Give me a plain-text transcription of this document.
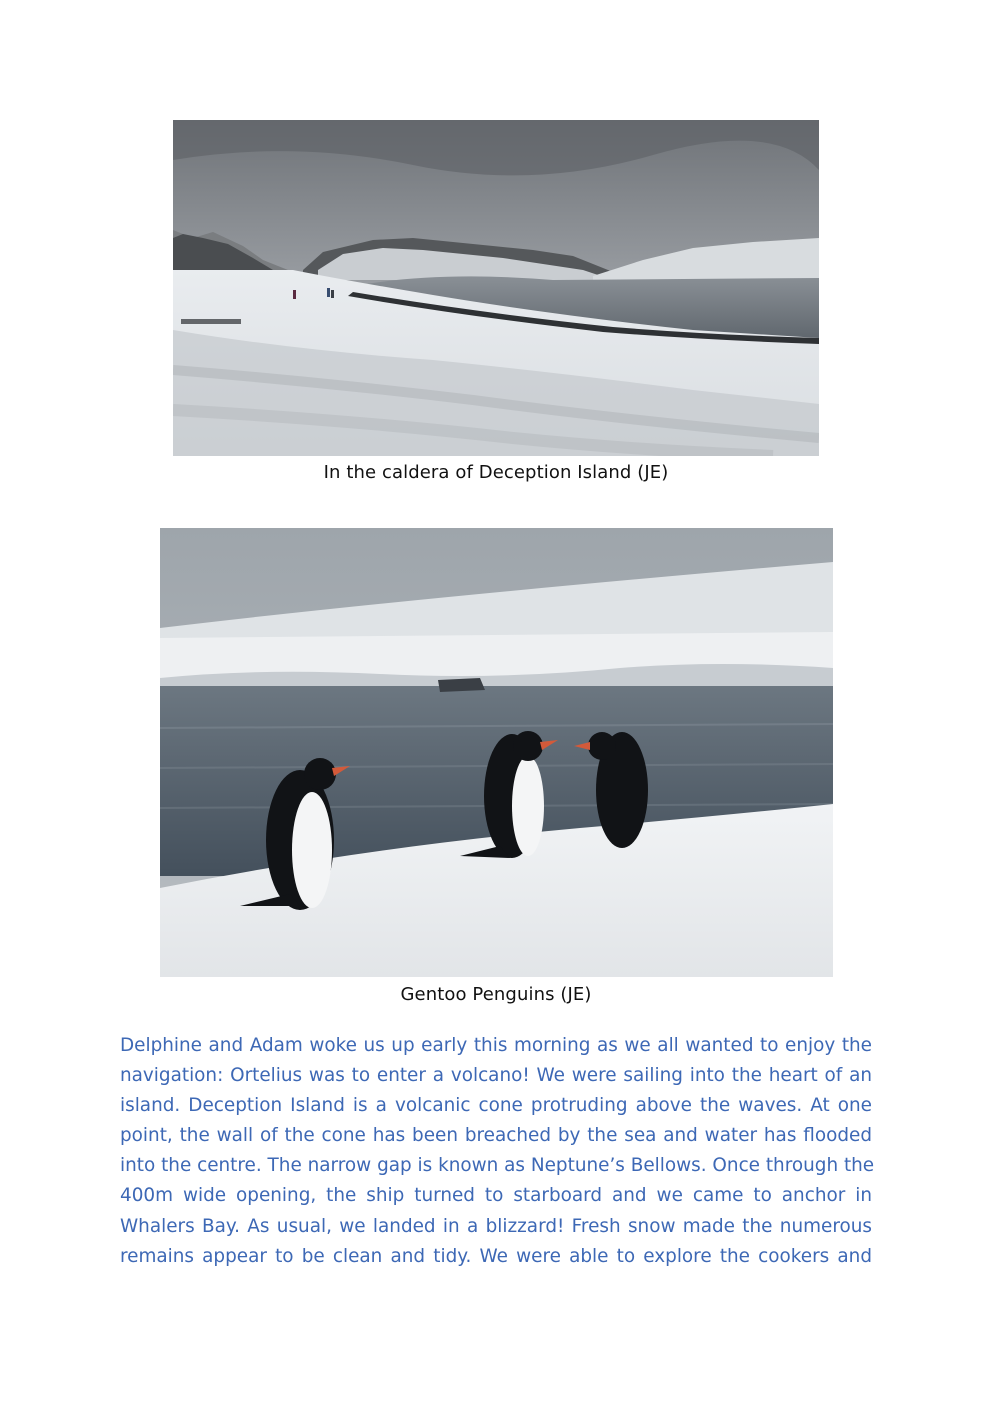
In the caldera of Deception Island (JE)
Gentoo Penguins (JE)
Delphine and Adam woke us up early this morning as we all wanted to enjoy the
navigation: Ortelius was to enter a volcano! We were sailing into the heart of an
island. Deception Island is a volcanic cone protruding above the waves. At one
point, the wall of the cone has been breached by the sea and water has flooded
into the centre. The narrow gap is known as Neptune’s Bellows. Once through the
400m wide opening, the ship turned to starboard and we came to anchor in
Whalers Bay. As usual, we landed in a blizzard! Fresh snow made the numerous
remains appear to be clean and tidy. We were able to explore the cookers and
